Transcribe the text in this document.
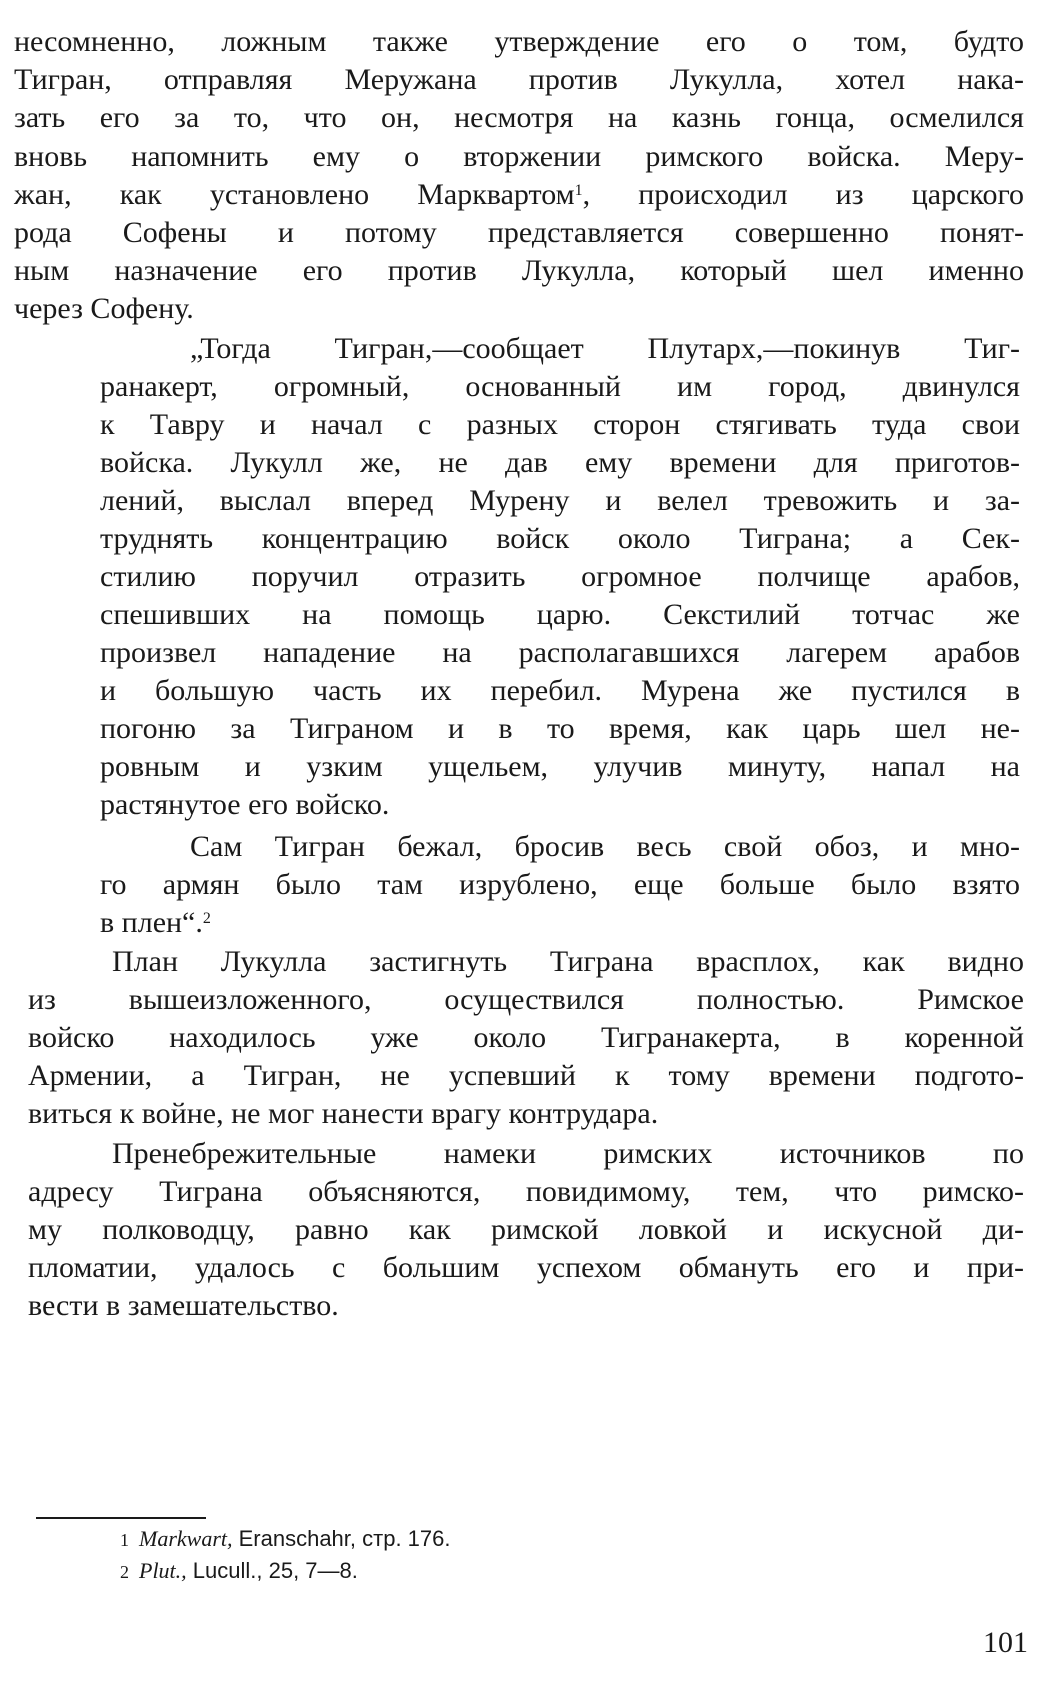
несомненно, ложным также утверждение его о том, будто
Тигран, отправляя Меружана против Лукулла, хотел нака-
зать его за то, что он, несмотря на казнь гонца, осмелился
вновь напомнить ему о вторжении римского войска. Меру-
жан, как установлено Марквартом$^1$, происходил из царского
рода Софены и потому представляется совершенно понят-
ным назначение его против Лукулла, который шел именно
через Софену.
„Тогда Тигран,—сообщает Плутарх,—покинув Тиг-
ранакерт, огромный, основанный им город, двинулся
к Тавру и начал с разных сторон стягивать туда свои
войска. Лукулл же, не дав ему времени для приготов-
лений, выслал вперед Мурену и велел тревожить и за-
труднять концентрацию войск около Тиграна; а Сек-
стилию поручил отразить огромное полчище арабов,
спешивших на помощь царю. Секстилий тотчас же
произвел нападение на располагавшихся лагерем арабов
и большую часть их перебил. Мурена же пустился в
погоню за Тиграном и в то время, как царь шел не-
ровным и узким ущельем, улучив минуту, напал на
растянутое его войско.
Сам Тигран бежал, бросив весь свой обоз, и мно-
го армян было там изрублено, еще больше было взято
в плен“.$^2$
План Лукулла застигнуть Тиграна врасплох, как видно
из вышеизложенного, осуществился полностью. Римское
войско находилось уже около Тигранакерта, в коренной
Армении, а Тигран, не успевший к тому времени подгото-
виться к войне, не мог нанести врагу контрудара.
Пренебрежительные намеки римских источников по
адресу Тиграна объясняются, повидимому, тем, что римско-
му полководцу, равно как римской ловкой и искусной ди-
пломатии, удалось с большим успехом обмануть его и при-
вести в замешательство.
1 Markwart, Eranschahr, стр. 176.
2 Plut., Lucull., 25, 7—8.
101
